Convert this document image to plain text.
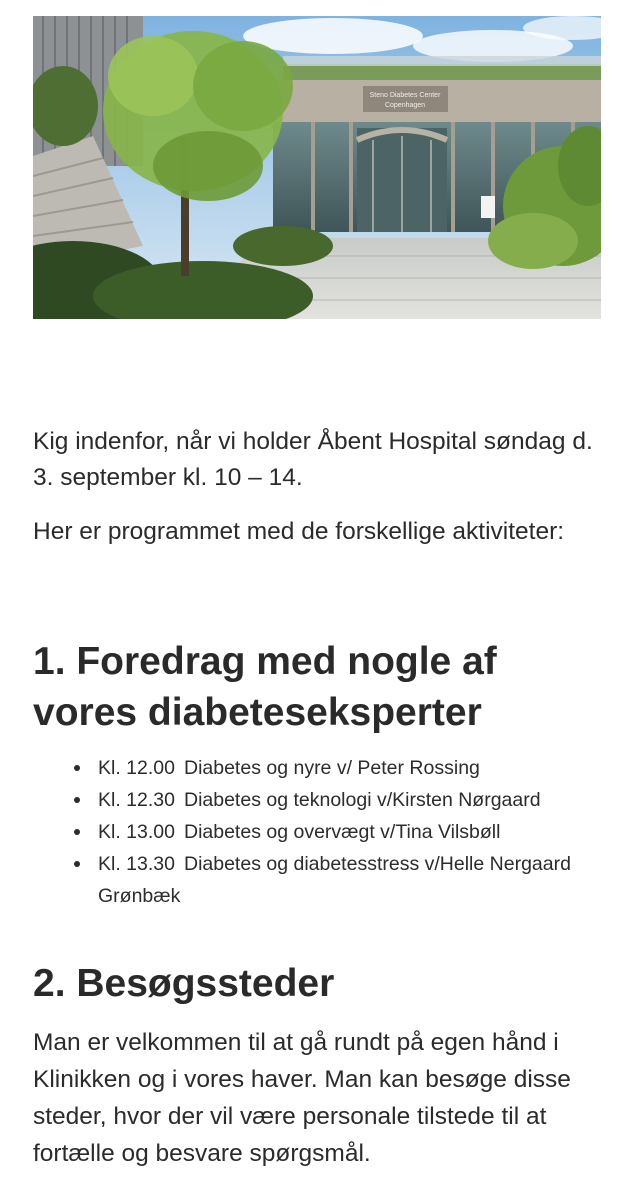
Steno Diabetes Center
Copenhagen

Kig indenfor, når vi holder Åbent Hospital søndag d. 3. september kl. 10 – 14.

Her er programmet med de forskellige aktiviteter:

1. Foredrag med nogle af vores diabeteseksperter
Kl. 12.00 Diabetes og nyre v/ Peter Rossing
Kl. 12.30 Diabetes og teknologi v/Kirsten Nørgaard
Kl. 13.00 Diabetes og overvægt v/Tina Vilsbøll
Kl. 13.30 Diabetes og diabetesstress v/Helle Nergaard Grønbæk
2. Besøgssteder

Man er velkommen til at gå rundt på egen hånd i Klinikken og i vores haver. Man kan besøge disse steder, hvor der vil være personale tilstede til at fortælle og besvare spørgsmål.
